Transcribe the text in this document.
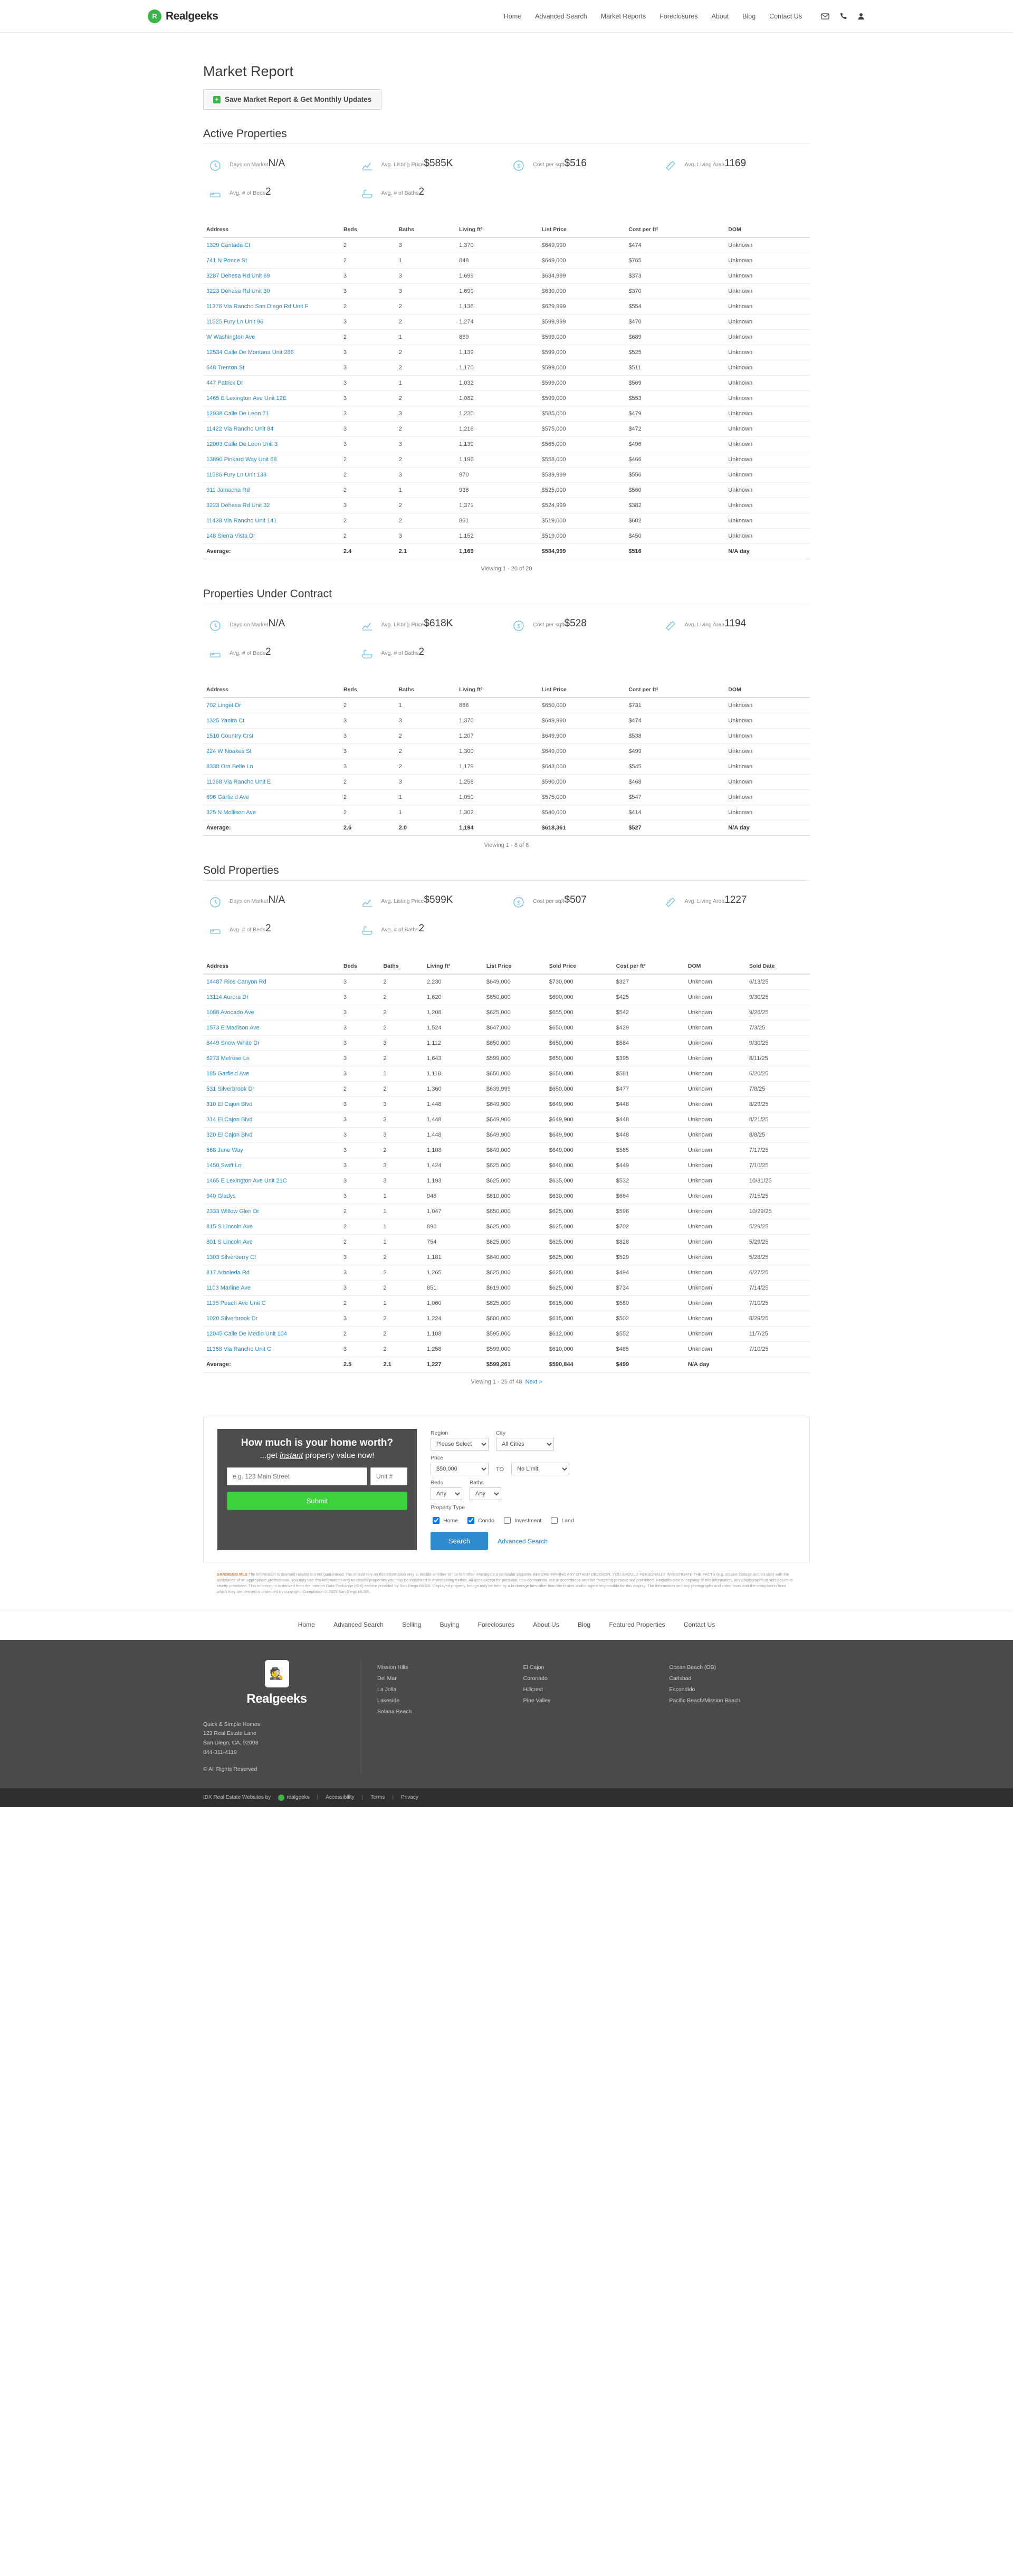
R Realgeeks	Home Advanced Search Market Reports Foreclosures About Blog Contact Us
Market Report
+ Save Market Report & Get Monthly Updates
Active Properties
Days on MarketN/A	Avg. Listing Price$585K	$ Cost per sqft$516	Avg. Living Area1169
Avg. # of Beds2	Avg. # of Baths2
Address	Beds	Baths	Living ft²	List Price	Cost per ft²	DOM
1329 Cantada Ct	2	3	1,370	$649,990	$474	Unknown
741 N Ponce St	2	1	848	$649,000	$765	Unknown
3287 Dehesa Rd Unit 69	3	3	1,699	$634,999	$373	Unknown
3223 Dehesa Rd Unit 30	3	3	1,699	$630,000	$370	Unknown
11376 Via Rancho San Diego Rd Unit F	2	2	1,136	$629,999	$554	Unknown
11525 Fury Ln Unit 96	3	2	1,274	$599,999	$470	Unknown
W Washington Ave	2	1	869	$599,000	$689	Unknown
12534 Calle De Montana Unit 286	3	2	1,139	$599,000	$525	Unknown
648 Trenton St	3	2	1,170	$599,000	$511	Unknown
447 Patrick Dr	3	1	1,032	$599,000	$569	Unknown
1465 E Lexington Ave Unit 12E	3	2	1,082	$599,000	$553	Unknown
12038 Calle De Leon 71	3	3	1,220	$585,000	$479	Unknown
11422 Via Rancho Unit 84	3	2	1,216	$575,000	$472	Unknown
12003 Calle De Leon Unit 3	3	3	1,139	$565,000	$496	Unknown
13890 Pinkard Way Unit 68	2	2	1,196	$558,000	$466	Unknown
11586 Fury Ln Unit 133	2	3	970	$539,999	$556	Unknown
911 Jamacha Rd	2	1	936	$525,000	$560	Unknown
3223 Dehesa Rd Unit 32	3	2	1,371	$524,999	$382	Unknown
11438 Via Rancho Unit 141	2	2	861	$519,000	$602	Unknown
148 Sierra Vista Dr	2	3	1,152	$519,000	$450	Unknown
Average:	2.4	2.1	1,169	$584,999	$516	N/A day
Viewing 1 - 20 of 20
Properties Under Contract
Days on MarketN/A	Avg. Listing Price$618K	$ Cost per sqft$528	Avg. Living Area1194
Avg. # of Beds2	Avg. # of Baths2
Address	Beds	Baths	Living ft²	List Price	Cost per ft²	DOM
702 Linget Dr	2	1	888	$650,000	$731	Unknown
1325 Yanira Ct	3	3	1,370	$649,990	$474	Unknown
1510 Country Crst	3	2	1,207	$649,900	$538	Unknown
224 W Noakes St	3	2	1,300	$649,000	$499	Unknown
8338 Ora Belle Ln	3	2	1,179	$643,000	$545	Unknown
11368 Via Rancho Unit E	2	3	1,258	$590,000	$468	Unknown
696 Garfield Ave	2	1	1,050	$575,000	$547	Unknown
325 N Mollison Ave	2	1	1,302	$540,000	$414	Unknown
Average:	2.6	2.0	1,194	$618,361	$527	N/A day
Viewing 1 - 8 of 8
Sold Properties
Days on MarketN/A	Avg. Listing Price$599K	$ Cost per sqft$507	Avg. Living Area1227
Avg. # of Beds2	Avg. # of Baths2
Address	Beds	Baths	Living ft²	List Price	Sold Price	Cost per ft²	DOM	Sold Date
14487 Rios Canyon Rd	3	2	2,230	$649,000	$730,000	$327	Unknown	6/13/25
13114 Aurora Dr	3	2	1,620	$650,000	$690,000	$425	Unknown	9/30/25
1088 Avocado Ave	3	2	1,208	$625,000	$655,000	$542	Unknown	9/26/25
1573 E Madison Ave	3	2	1,524	$647,000	$650,000	$429	Unknown	7/3/25
8449 Snow White Dr	3	3	1,112	$650,000	$650,000	$584	Unknown	9/30/25
6273 Melrose Ln	3	2	1,643	$599,000	$650,000	$395	Unknown	8/11/25
185 Garfield Ave	3	1	1,118	$650,000	$650,000	$581	Unknown	6/20/25
531 Silverbrook Dr	2	2	1,360	$639,999	$650,000	$477	Unknown	7/8/25
310 El Cajon Blvd	3	3	1,448	$649,900	$649,900	$448	Unknown	8/29/25
314 El Cajon Blvd	3	3	1,448	$649,900	$649,900	$448	Unknown	8/21/25
320 El Cajon Blvd	3	3	1,448	$649,900	$649,900	$448	Unknown	8/8/25
568 June Way	3	2	1,108	$649,000	$649,000	$585	Unknown	7/17/25
1450 Swift Ln	3	3	1,424	$625,000	$640,000	$449	Unknown	7/10/25
1465 E Lexington Ave Unit 21C	3	3	1,193	$625,000	$635,000	$532	Unknown	10/31/25
940 Gladys	3	1	948	$610,000	$630,000	$664	Unknown	7/15/25
2333 Willow Glen Dr	2	1	1,047	$650,000	$625,000	$596	Unknown	10/29/25
815 S Lincoln Ave	2	1	890	$625,000	$625,000	$702	Unknown	5/29/25
801 S Lincoln Ave	2	1	754	$625,000	$625,000	$828	Unknown	5/29/25
1303 Silverberry Ct	3	2	1,181	$640,000	$625,000	$529	Unknown	5/28/25
817 Arboleda Rd	3	2	1,265	$625,000	$625,000	$494	Unknown	6/27/25
1103 Marline Ave	3	2	851	$619,000	$625,000	$734	Unknown	7/14/25
1135 Peach Ave Unit C	2	1	1,060	$625,000	$615,000	$580	Unknown	7/10/25
1020 Silverbrook Dr	3	2	1,224	$600,000	$615,000	$502	Unknown	8/29/25
12045 Calle De Medio Unit 104	2	2	1,108	$595,000	$612,000	$552	Unknown	11/7/25
11368 Via Rancho Unit C	3	2	1,258	$599,000	$610,000	$485	Unknown	7/10/25
Average:	2.5	2.1	1,227	$599,261	$590,844	$499	N/A day	
Viewing 1 - 25 of 48 Next »
How much is your home worth?
...get instant property value now!
e.g. 123 Main Street
Unit #
Submit
Region
Please Select	City
All Cities
Price
$50,000
TO

No Limit
Beds
Any	Baths
Any
Property Type
Home	Condo	Investment	Land
Search	Advanced Search
SANDIEGO MLS The information is deemed reliable but not guaranteed. You should rely on this information only to decide whether or not to further investigate a particular property. BEFORE MAKING ANY OTHER DECISION, YOU SHOULD PERSONALLY INVESTIGATE THE FACTS (e.g. square footage and lot size) with the assistance of an appropriate professional. You may use this information only to identify properties you may be interested in investigating further. All uses except for personal, non-commercial use in accordance with the foregoing purpose are prohibited. Redistribution or copying of this information, any photographs or video tours is strictly prohibited. This information is derived from the Internet Data Exchange (IDX) service provided by San Diego MLS®. Displayed property listings may be held by a brokerage firm other than the broker and/or agent responsible for this display. The information and any photographs and video tours and the compilation from which they are derived is protected by copyright. Compilation © 2025 San Diego MLS®.
Home	Advanced Search	Selling	Buying	Foreclosures	About Us	Blog	Featured Properties	Contact Us
🕵
Realgeeks
Quick & Simple Homes
123 Real Estate Lane
San Diego, CA, 92003
844-311-4119
© All Rights Reserved
Mission Hills
Del Mar
La Jolla
Lakeside
Solana Beach
El Cajon
Coronado
Hillcrest
Pine Valley
Ocean Beach (OB)
Carlsbad
Escondido
Pacific Beach/Mission Beach
IDX Real Estate Websites by	realgeeks | Accessibility | Terms | Privacy
